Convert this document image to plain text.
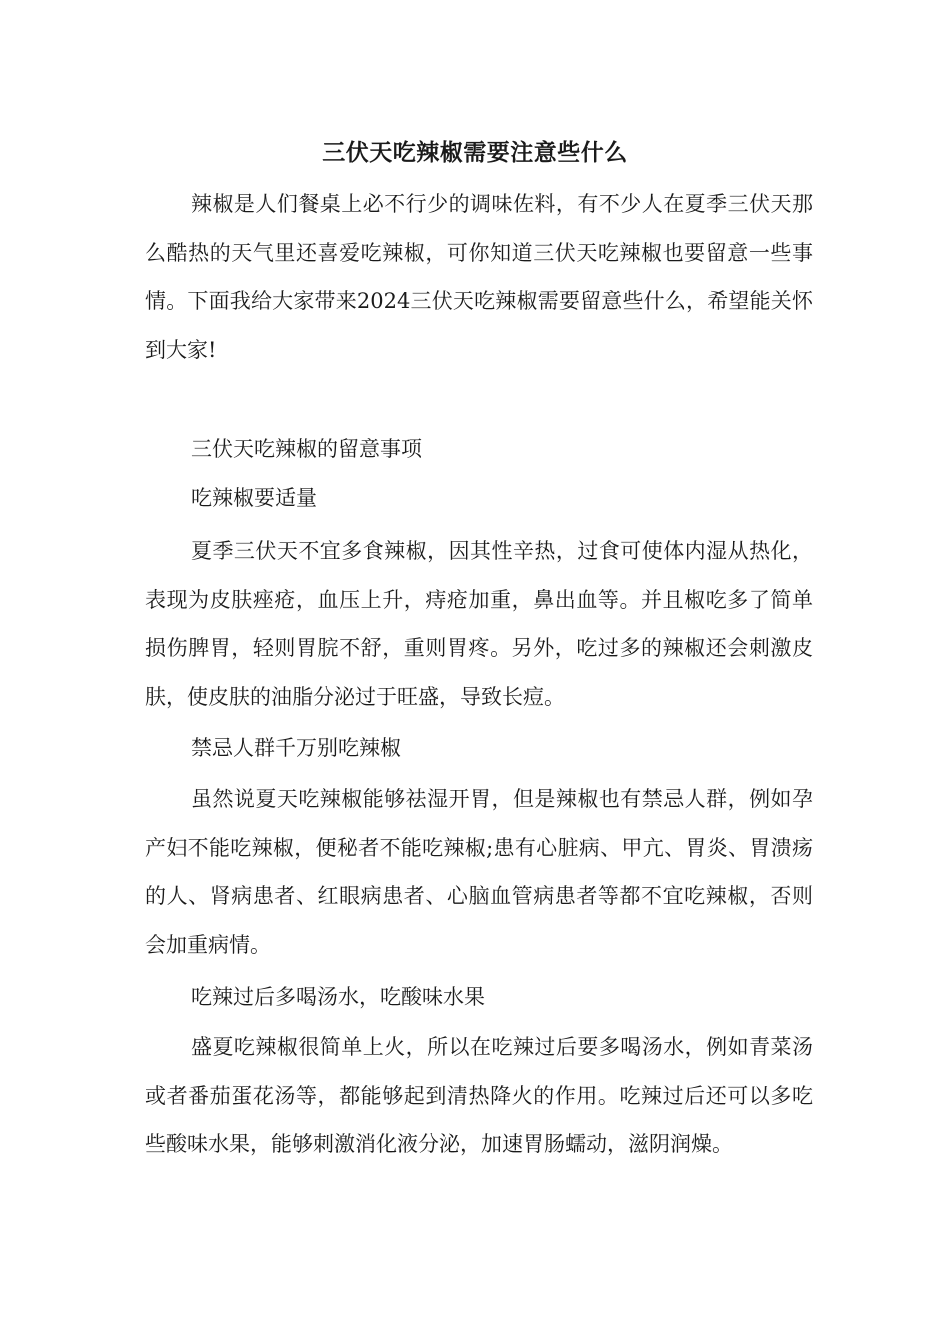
三伏天吃辣椒需要注意些什么

辣椒是人们餐桌上必不行少的调味佐料，有不少人在夏季三伏天那么酷热的天气里还喜爱吃辣椒，可你知道三伏天吃辣椒也要留意一些事情。下面我给大家带来2024三伏天吃辣椒需要留意些什么，希望能关怀到大家!

三伏天吃辣椒的留意事项

吃辣椒要适量

夏季三伏天不宜多食辣椒，因其性辛热，过食可使体内湿从热化，表现为皮肤痤疮，血压上升，痔疮加重，鼻出血等。并且椒吃多了简单损伤脾胃，轻则胃脘不舒，重则胃疼。另外，吃过多的辣椒还会刺激皮肤，使皮肤的油脂分泌过于旺盛，导致长痘。

禁忌人群千万别吃辣椒

虽然说夏天吃辣椒能够祛湿开胃，但是辣椒也有禁忌人群，例如孕产妇不能吃辣椒，便秘者不能吃辣椒;患有心脏病、甲亢、胃炎、胃溃疡的人、肾病患者、红眼病患者、心脑血管病患者等都不宜吃辣椒，否则会加重病情。

吃辣过后多喝汤水，吃酸味水果

盛夏吃辣椒很简单上火，所以在吃辣过后要多喝汤水，例如青菜汤或者番茄蛋花汤等，都能够起到清热降火的作用。吃辣过后还可以多吃些酸味水果，能够刺激消化液分泌，加速胃肠蠕动，滋阴润燥。
